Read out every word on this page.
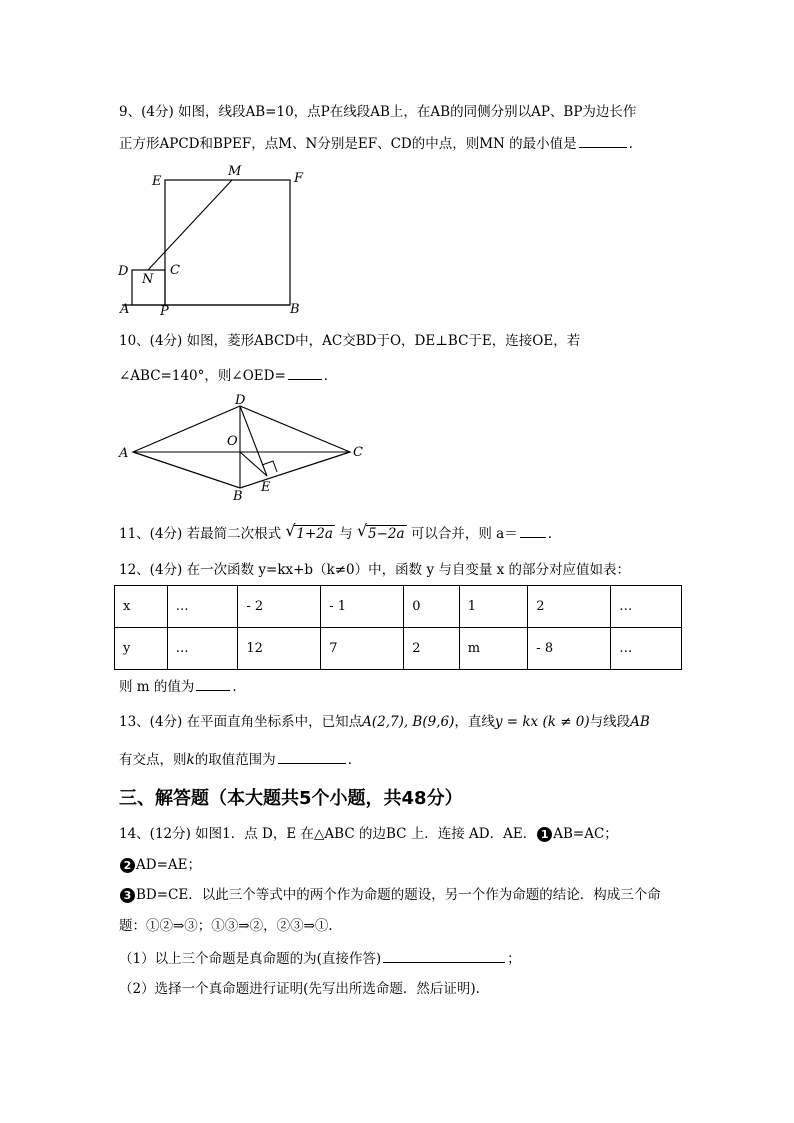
9、(4分) 如图，线段AB=10，点P在线段AB上，在AB的同侧分别以AP、BP为边长作
正方形APCD和BPEF，点M、N分别是EF、CD的中点，则MN 的最小值是	.
E
M	F
D
N
C
A P	B
10、(4分) 如图，菱形ABCD中，AC交BD于O，DE⊥BC于E，连接OE，若
∠ABC=140°，则∠OED=	.
D
O
A	C
B
E
11、(4分) 若最简二次根式 √ 1+2a 与 √ 5−2a 可以合并，则 a＝ .
12、(4分) 在一次函数 y=kx+b（k≠0）中，函数 y 与自变量 x 的部分对应值如表：
x	…	- 2	- 1	0	1	2	…
y	…	12	7	2	m	- 8	…
则 m 的值为	.
13、(4分) 在平面直角坐标系中，已知点A(2,7), B(9,6)，直线y = kx (k ≠ 0)与线段AB
有交点，则k的取值范围为	.
三、解答题（本大题共5个小题，共48分）
14、(12分) 如图1．点 D，E 在△ABC 的边BC 上．连接 AD．AE． 1 AB=AC；
2 AD=AE；
3 BD=CE．以此三个等式中的两个作为命题的题设，另一个作为命题的结论．构成三个命
题：①②⇒③；①③⇒②，②③⇒①.
（1）以上三个命题是真命题的为(直接作答)	；
（2）选择一个真命题进行证明(先写出所选命题．然后证明).
